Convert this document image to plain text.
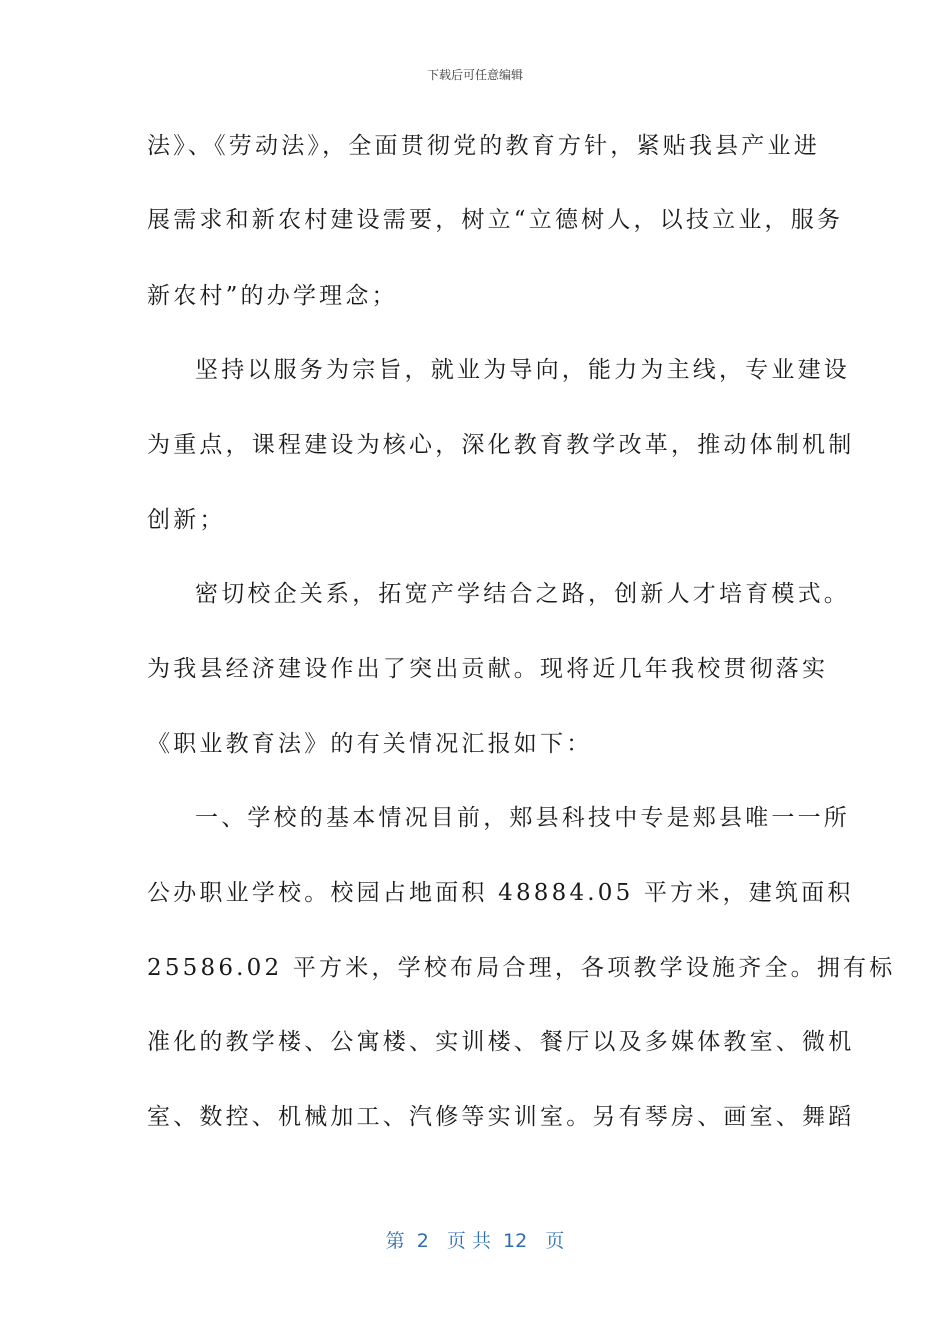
下载后可任意编辑
法》、《劳动法》，全面贯彻党的教育方针，紧贴我县产业进
展需求和新农村建设需要，树立“立德树人，以技立业，服务
新农村”的办学理念；
坚持以服务为宗旨，就业为导向，能力为主线，专业建设
为重点，课程建设为核心，深化教育教学改革，推动体制机制
创新；
密切校企关系，拓宽产学结合之路，创新人才培育模式。
为我县经济建设作出了突出贡献。现将近几年我校贯彻落实
《职业教育法》的有关情况汇报如下：
一、学校的基本情况目前，郏县科技中专是郏县唯一一所
公办职业学校。校园占地面积 48884.05 平方米，建筑面积
25586.02 平方米，学校布局合理，各项教学设施齐全。拥有标
准化的教学楼、公寓楼、实训楼、餐厅以及多媒体教室、微机
室、数控、机械加工、汽修等实训室。另有琴房、画室、舞蹈
第  2   页 共  12   页
